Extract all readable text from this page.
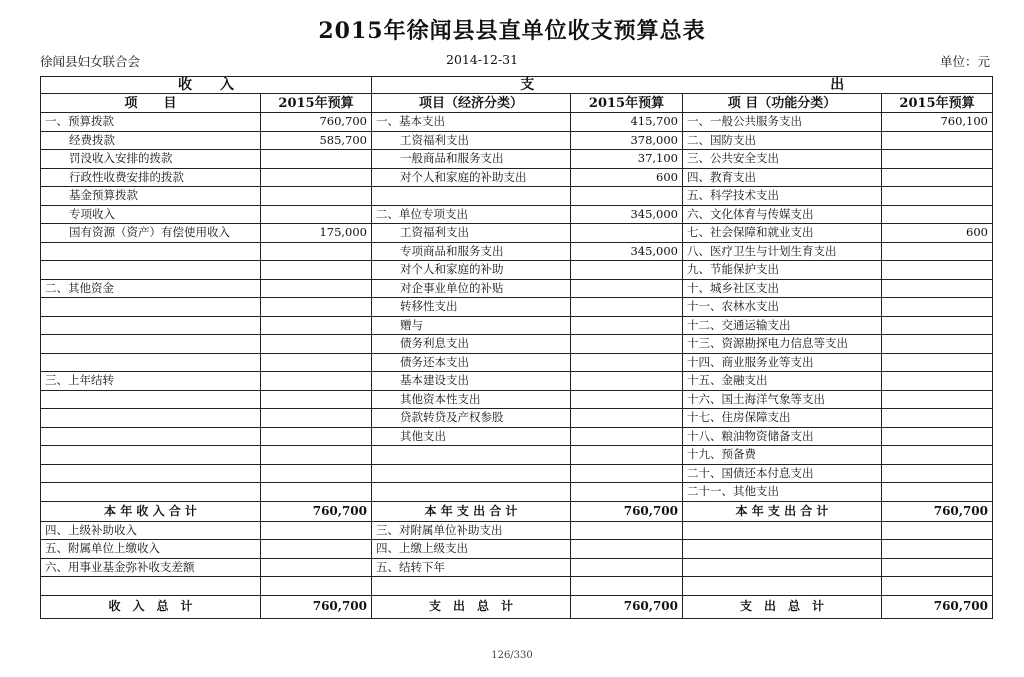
2015年徐闻县县直单位收支预算总表
徐闻县妇女联合会	2014-12-31	单位：元
收　　入		支		出	
项　　目	2015年预算	项目（经济分类）	2015年预算	项 目（功能分类）	2015年预算
一、预算拨款	760,700	一、基本支出	415,700	一、一般公共服务支出	760,100
经费拨款	585,700	工资福利支出	378,000	二、国防支出	
罚没收入安排的拨款		一般商品和服务支出	37,100	三、公共安全支出	
行政性收费安排的拨款		对个人和家庭的补助支出	600	四、教育支出	
基金预算拨款				五、科学技术支出	
专项收入		二、单位专项支出	345,000	六、文化体育与传媒支出	
国有资源（资产）有偿使用收入	175,000	工资福利支出		七、社会保障和就业支出	600
		专项商品和服务支出	345,000	八、医疗卫生与计划生育支出	
		对个人和家庭的补助		九、节能保护支出	
二、其他资金		对企事业单位的补贴		十、城乡社区支出	
		转移性支出		十一、农林水支出	
		赠与		十二、交通运输支出	
		债务利息支出		十三、资源勘探电力信息等支出	
		债务还本支出		十四、商业服务业等支出	
三、上年结转		基本建设支出		十五、金融支出	
		其他资本性支出		十六、国土海洋气象等支出	
		贷款转贷及产权参股		十七、住房保障支出	
		其他支出		十八、粮油物资储备支出	
				十九、预备费	
				二十、国债还本付息支出	
				二十一、其他支出	
本 年 收 入 合 计	760,700	本 年 支 出 合 计	760,700	本 年 支 出 合 计	760,700
四、上级补助收入		三、对附属单位补助支出			
五、附属单位上缴收入		四、上缴上级支出			
六、用事业基金弥补收支差额		五、结转下年			

收　入　总　计	760,700	支　出　总　计	760,700	支　出　总　计	760,700
126/330
